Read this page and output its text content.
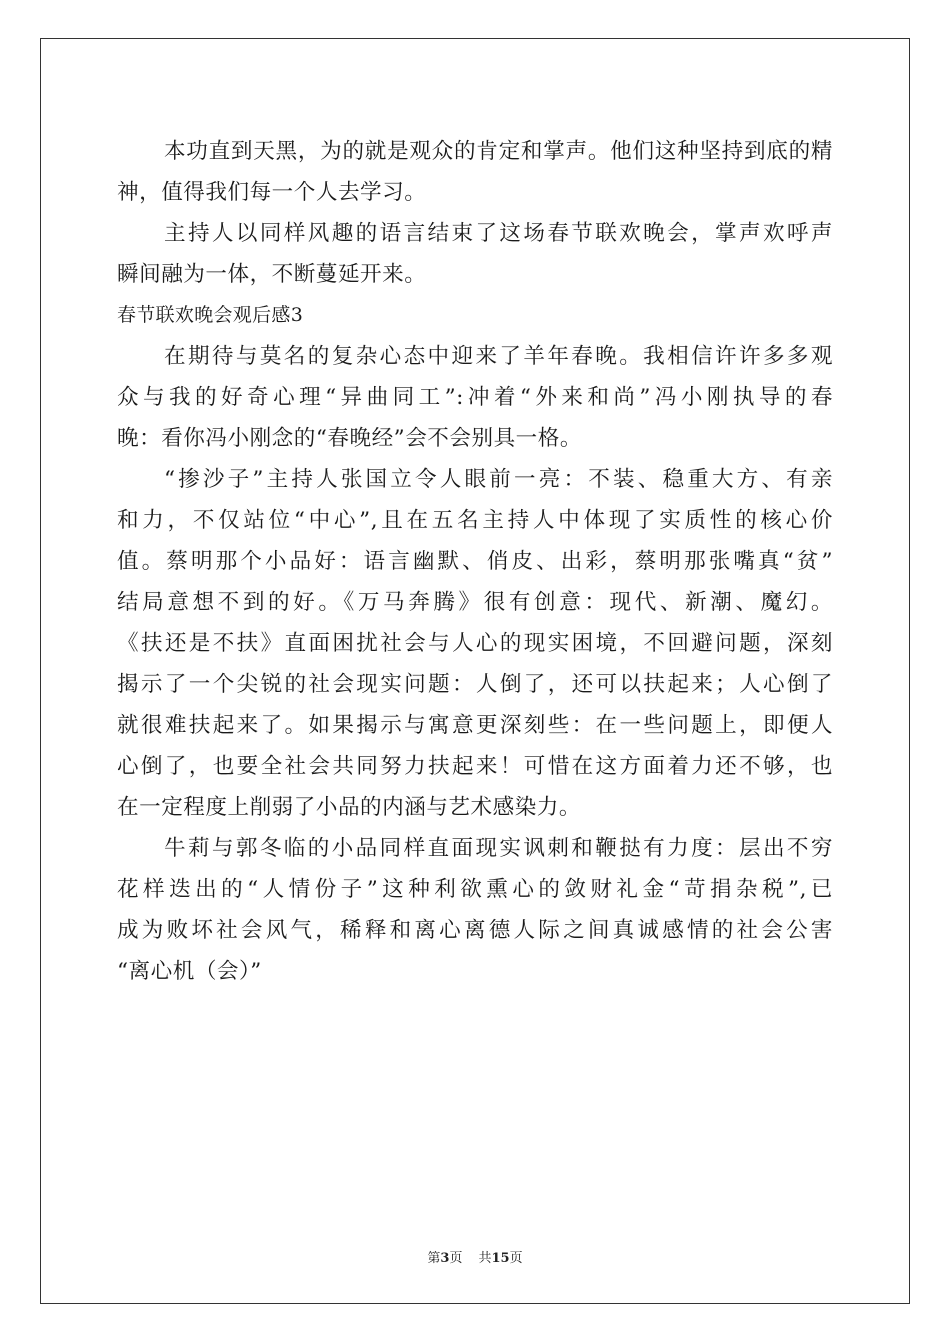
本功直到天黑，为的就是观众的肯定和掌声。他们这种坚持到底的精
神，值得我们每一个人去学习。
主持人以同样风趣的语言结束了这场春节联欢晚会，掌声欢呼声
瞬间融为一体，不断蔓延开来。
春节联欢晚会观后感3
在期待与莫名的复杂心态中迎来了羊年春晚。我相信许许多多观
众与我的好奇心理“异曲同工”:冲着“外来和尚”冯小刚执导的春
晚：看你冯小刚念的“春晚经”会不会别具一格。
“掺沙子”主持人张国立令人眼前一亮：不装、稳重大方、有亲
和力，不仅站位“中心”,且在五名主持人中体现了实质性的核心价
值。蔡明那个小品好：语言幽默、俏皮、出彩，蔡明那张嘴真“贫”
结局意想不到的好。《万马奔腾》很有创意：现代、新潮、魔幻。
《扶还是不扶》直面困扰社会与人心的现实困境，不回避问题，深刻
揭示了一个尖锐的社会现实问题：人倒了，还可以扶起来；人心倒了
就很难扶起来了。如果揭示与寓意更深刻些：在一些问题上，即便人
心倒了，也要全社会共同努力扶起来！可惜在这方面着力还不够，也
在一定程度上削弱了小品的内涵与艺术感染力。
牛莉与郭冬临的小品同样直面现实讽刺和鞭挞有力度：层出不穷
花样迭出的“人情份子”这种利欲熏心的敛财礼金“苛捐杂税”,已
成为败坏社会风气，稀释和离心离德人际之间真诚感情的社会公害
“离心机（会）”
第3页 共15页
